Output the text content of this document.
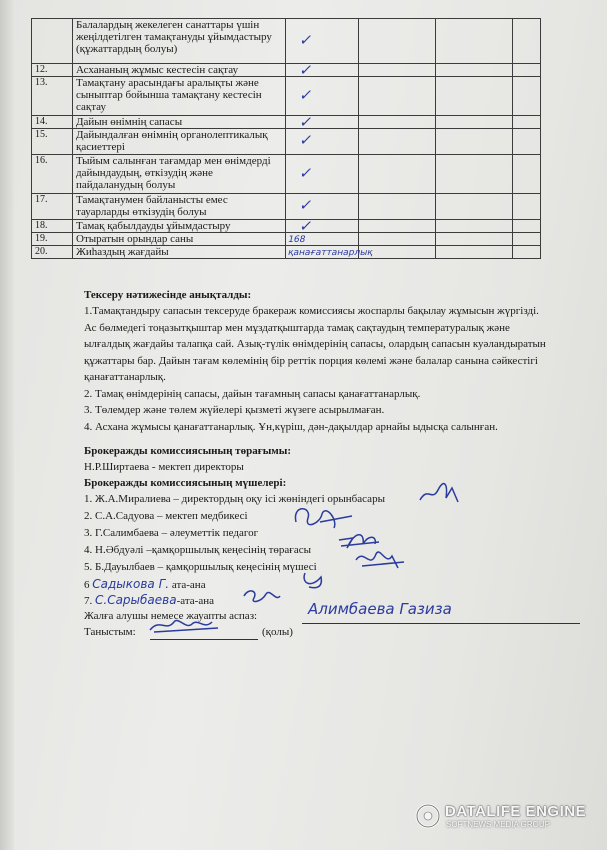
	Балалардың жекелеген санаттары үшін жеңілдетілген тамақтануды ұйымдастыру (құжаттардың болуы)	✓			

12.	Асхананың жұмыс кестесін сақтау	✓			

13.	Тамақтану арасындағы аралықты және сыныптар бойынша тамақтану кестесін сақтау	✓			

14.	Дайын өнімнің сапасы	✓			

15.	Дайындалған өнімнің органолептикалық қасиеттері	✓			

16.	Тыйым салынған тағамдар мен өнімдерді дайындаудың, өткізудің және пайдаланудың болуы	✓			

17.	Тамақтанумен байланысты емес тауарларды өткізудің болуы	✓			

18.	Тамақ қабылдауды ұйымдастыру	✓			

19.	Отыратын орындар саны	168			

20.	Жиһаздың жағдайы	қанағаттанарлық			

Тексеру нәтижесінде анықталды:
1.Тамақтандыру сапасын тексеруде бракераж комиссиясы жоспарлы бақылау жұмысын жүргізді. Ас бөлмедегі тоңазытқыштар мен мұздатқыштарда тамақ сақтаудың температуралық және ылғалдық жағдайы талапқа сай. Азық-түлік өнімдерінің сапасы, олардың сапасын куәландыратын құжаттары бар. Дайын тағам көлемінің бір реттік порция көлемі және балалар санына сәйкестігі қанағаттанарлық.
2. Тамақ өнімдерінің сапасы, дайын тағамның сапасы қанағаттанарлық.
3. Төлемдер және төлем жүйелері қызметі жүзеге асырылмаған.
4. Асхана жұмысы қанағаттанарлық. Ұн,күріш, дән-дақылдар арнайы ыдысқа салынған.
Брокеражды комиссиясының төрағымы:
Н.Р.Ширтаева - мектеп директоры
Брокеражды комиссиясының мүшелері:
1. Ж.А.Миралиева – директордың оқу ісі жөніндегі орынбасары
2. С.А.Садуова – мектеп медбикесі
3. Г.Салимбаева – әлеуметтік педагог
4. Н.Әбдуәлі –қамқоршылық кеңесінің төрағасы
5. Б.Дауылбаев – қамқоршылық кеңесінің мүшесі
6 Садыкова Г. ата-ана
7. С.Сарыбаева-ата-ана
Жалға алушы немесе жауапты аспаз:	Алимбаева Газиза
Таныстым:	(қолы)
DATALIFE ENGINE
SOFTNEWS MEDIA GROUP
